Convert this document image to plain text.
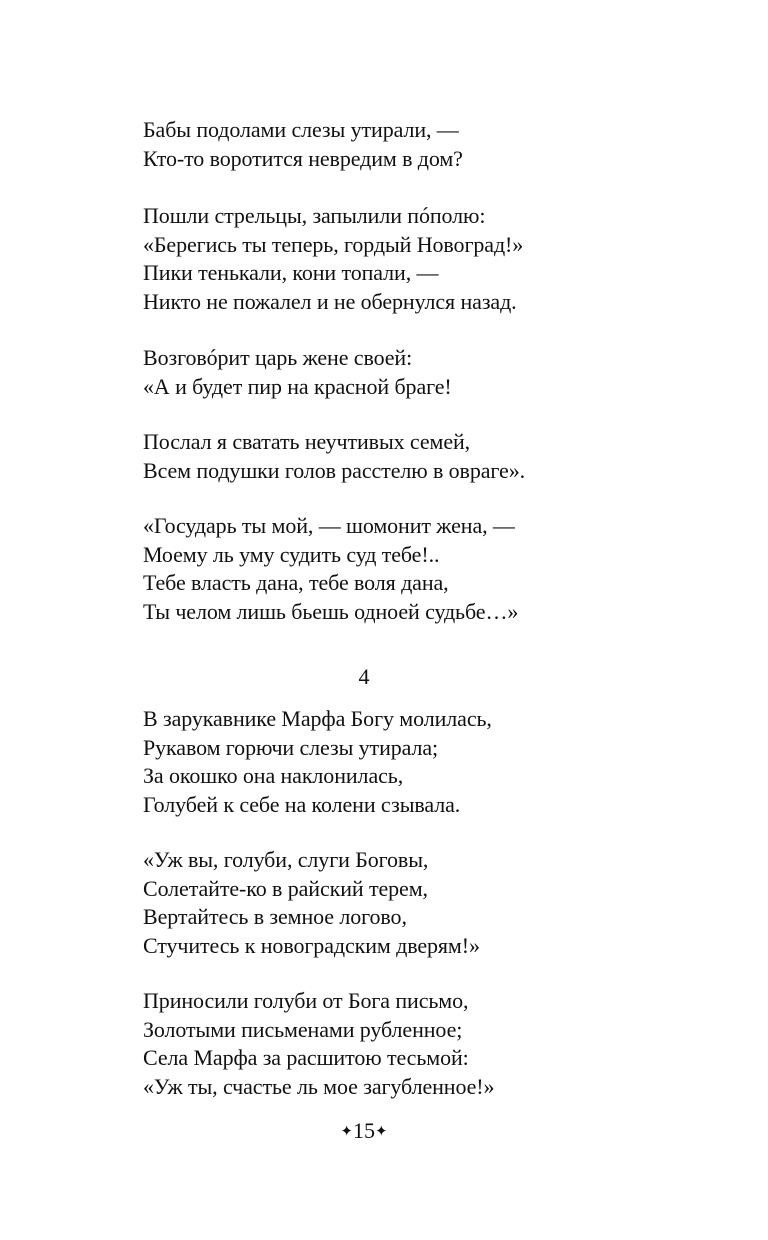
Бабы подолами слезы утирали, —
Кто-то воротится невредим в дом?
Пошли стрельцы, запылили пóполю:
«Берегись ты теперь, гордый Новоград!»
Пики тенькали, кони топали, —
Никто не пожалел и не обернулся назад.
Возговóрит царь жене своей:
«А и будет пир на красной браге!
Послал я сватать неучтивых семей,
Всем подушки голов расстелю в овраге».
«Государь ты мой, — шомонит жена, —
Моему ль уму судить суд тебе!..
Тебе власть дана, тебе воля дана,
Ты челом лишь бьешь одноей судьбе…»
4
В зарукавнике Марфа Богу молилась,
Рукавом горючи слезы утирала;
За окошко она наклонилась,
Голубей к себе на колени сзывала.
«Уж вы, голуби, слуги Боговы,
Солетайте-ко в райский терем,
Вертайтесь в земное логово,
Стучитесь к новоградским дверям!»
Приносили голуби от Бога письмо,
Золотыми письменами рубленное;
Села Марфа за расшитою тесьмой:
«Уж ты, счастье ль мое загубленное!»
✦15✦
